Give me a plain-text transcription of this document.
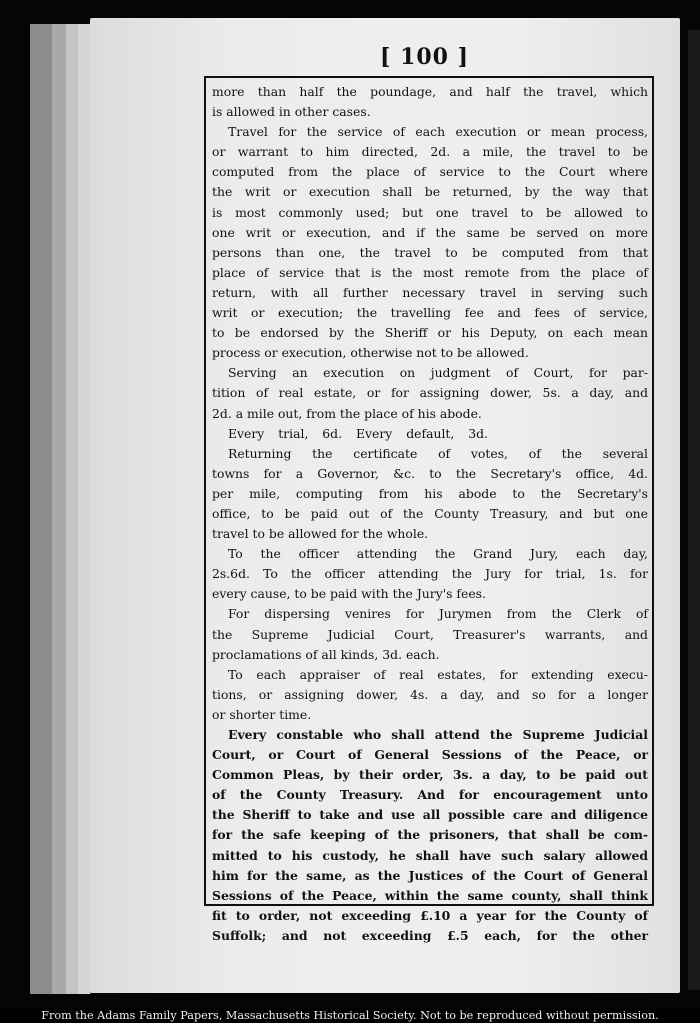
[ 100 ]
more than half the poundage, and half the travel, which
is allowed in other cases.
Travel for the service of each execution or mean process,
or warrant to him directed, 2d. a mile, the travel to be
computed from the place of service to the Court where
the writ or execution shall be returned, by the way that
is most commonly used; but one travel to be allowed to
one writ or execution, and if the same be served on more
persons than one, the travel to be computed from that
place of service that is the most remote from the place of
return, with all further necessary travel in serving such
writ or execution; the travelling fee and fees of service,
to be endorsed by the Sheriff or his Deputy, on each mean
process or execution, otherwise not to be allowed.
Serving an execution on judgment of Court, for par-
tition of real estate, or for assigning dower, 5s. a day, and
2d. a mile out, from the place of his abode.
Every trial, 6d. Every default, 3d.
Returning the certificate of votes, of the several
towns for a Governor, &c. to the Secretary's office, 4d.
per mile, computing from his abode to the Secretary's
office, to be paid out of the County Treasury, and but one
travel to be allowed for the whole.
To the officer attending the Grand Jury, each day,
2s.6d. To the officer attending the Jury for trial, 1s. for
every cause, to be paid with the Jury's fees.
For dispersing venires for Jurymen from the Clerk of
the Supreme Judicial Court, Treasurer's warrants, and
proclamations of all kinds, 3d. each.
To each appraiser of real estates, for extending execu-
tions, or assigning dower, 4s. a day, and so for a longer
or shorter time.
Every constable who shall attend the Supreme Judicial
Court, or Court of General Sessions of the Peace, or
Common Pleas, by their order, 3s. a day, to be paid out
of the County Treasury. And for encouragement unto
the Sheriff to take and use all possible care and diligence
for the safe keeping of the prisoners, that shall be com-
mitted to his custody, he shall have such salary allowed
him for the same, as the Justices of the Court of General
Sessions of the Peace, within the same county, shall think
fit to order, not exceeding £.10 a year for the County of
Suffolk; and not exceeding £.5 each, for the other
From the Adams Family Papers, Massachusetts Historical Society. Not to be reproduced without permission.
